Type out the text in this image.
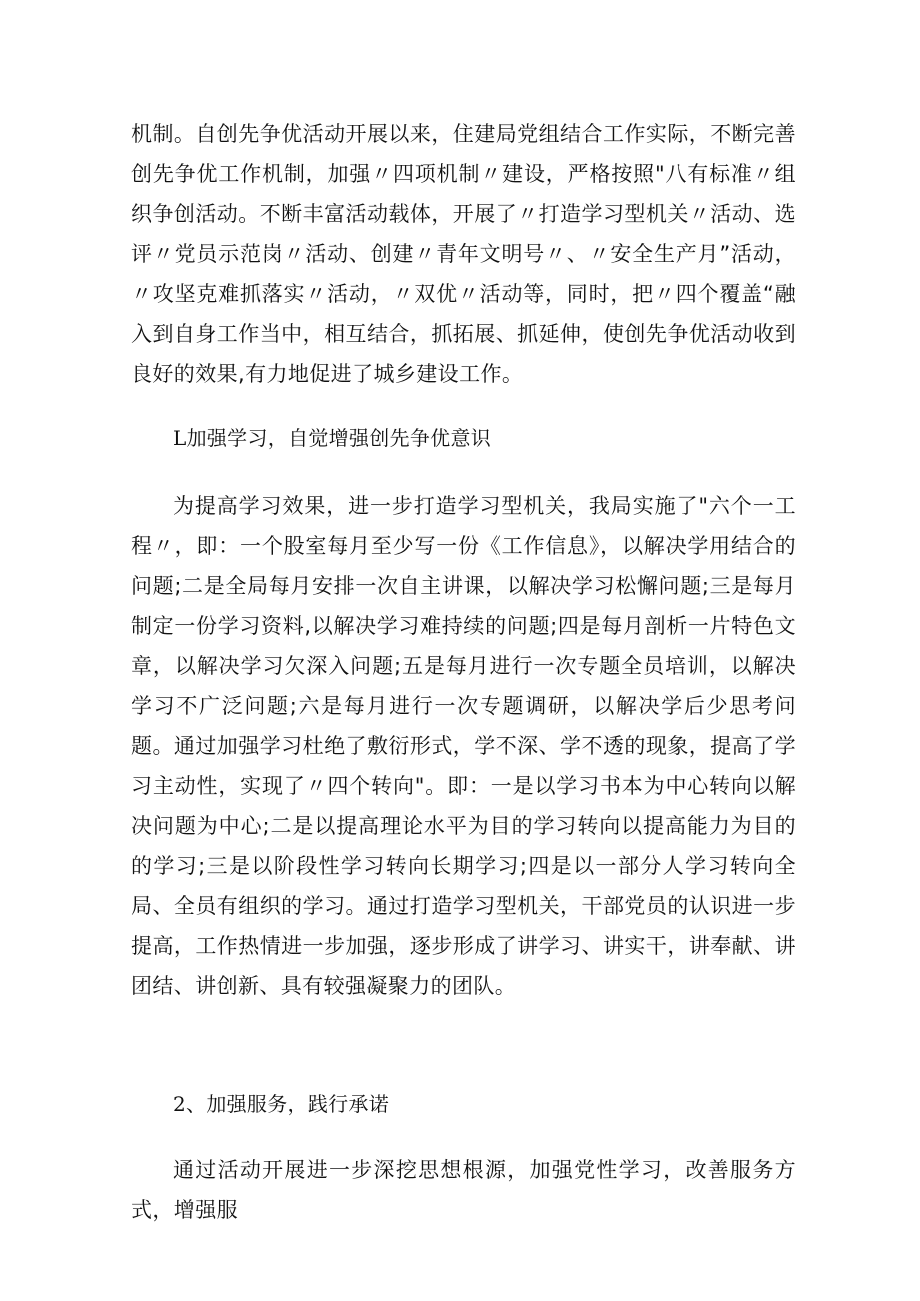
机制。自创先争优活动开展以来，住建局党组结合工作实际，不断完善创先争优工作机制，加强〃四项机制〃建设，严格按照"八有标准〃组织争创活动。不断丰富活动载体，开展了〃打造学习型机关〃活动、选评〃党员示范岗〃活动、创建〃青年文明号〃、〃安全生产月”活动，〃攻坚克难抓落实〃活动，〃双优〃活动等，同时，把〃四个覆盖“融入到自身工作当中，相互结合，抓拓展、抓延伸，使创先争优活动收到良好的效果,有力地促进了城乡建设工作。

L加强学习，自觉增强创先争优意识

为提高学习效果，进一步打造学习型机关，我局实施了"六个一工程〃，即：一个股室每月至少写一份《工作信息》，以解决学用结合的问题;二是全局每月安排一次自主讲课，以解决学习松懈问题;三是每月制定一份学习资料,以解决学习难持续的问题;四是每月剖析一片特色文章，以解决学习欠深入问题;五是每月进行一次专题全员培训，以解决学习不广泛问题;六是每月进行一次专题调研，以解决学后少思考问题。通过加强学习杜绝了敷衍形式，学不深、学不透的现象，提高了学习主动性，实现了〃四个转向"。即：一是以学习书本为中心转向以解决问题为中心;二是以提高理论水平为目的学习转向以提高能力为目的的学习;三是以阶段性学习转向长期学习;四是以一部分人学习转向全局、全员有组织的学习。通过打造学习型机关，干部党员的认识进一步提高，工作热情进一步加强，逐步形成了讲学习、讲实干，讲奉献、讲团结、讲创新、具有较强凝聚力的团队。

2、加强服务，践行承诺

通过活动开展进一步深挖思想根源，加强党性学习，改善服务方式，增强服
